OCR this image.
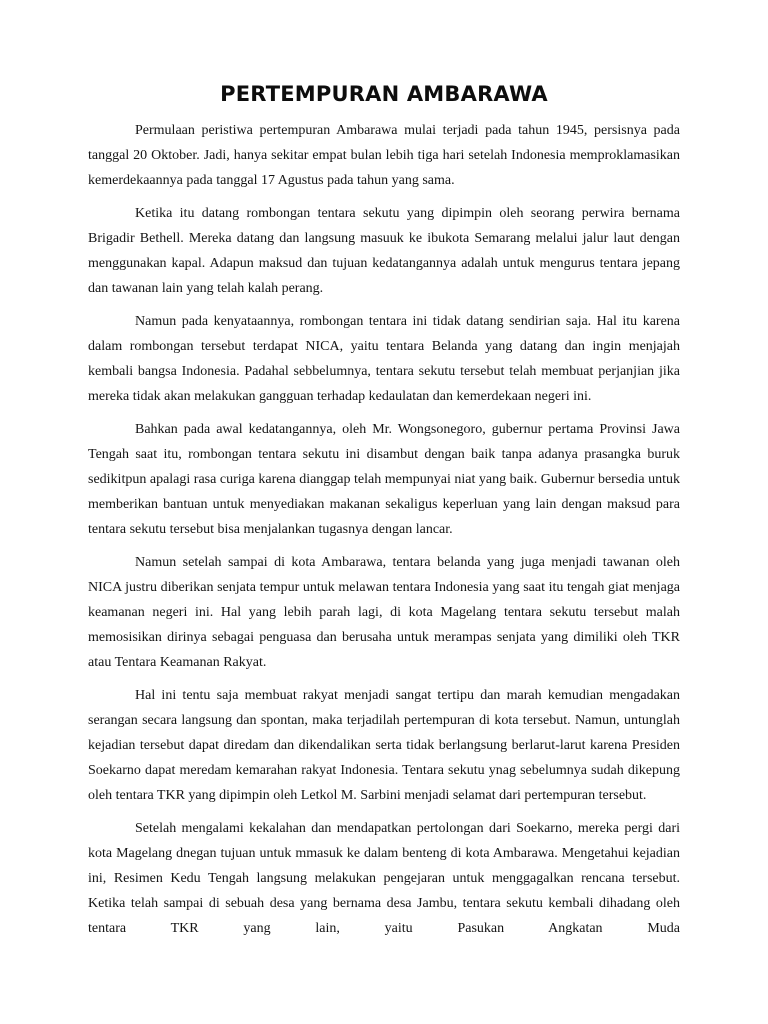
PERTEMPURAN AMBARAWA

Permulaan peristiwa pertempuran Ambarawa mulai terjadi pada tahun 1945, persisnya pada tanggal 20 Oktober. Jadi, hanya sekitar empat bulan lebih tiga hari setelah Indonesia memproklamasikan kemerdekaannya pada tanggal 17 Agustus pada tahun yang sama.

Ketika itu datang rombongan tentara sekutu yang dipimpin oleh seorang perwira bernama Brigadir Bethell. Mereka datang dan langsung masuuk ke ibukota Semarang melalui jalur laut dengan menggunakan kapal. Adapun maksud dan tujuan kedatangannya adalah untuk mengurus tentara jepang dan tawanan lain yang telah kalah perang.

Namun pada kenyataannya, rombongan tentara ini tidak datang sendirian saja. Hal itu karena dalam rombongan tersebut terdapat NICA, yaitu tentara Belanda yang datang dan ingin menjajah kembali bangsa Indonesia. Padahal sebbelumnya, tentara sekutu tersebut telah membuat perjanjian jika mereka tidak akan melakukan gangguan terhadap kedaulatan dan kemerdekaan negeri ini.

Bahkan pada awal kedatangannya, oleh Mr. Wongsonegoro, gubernur pertama Provinsi Jawa Tengah saat itu, rombongan tentara sekutu ini disambut dengan baik tanpa adanya prasangka buruk sedikitpun apalagi rasa curiga karena dianggap telah mempunyai niat yang baik. Gubernur bersedia untuk memberikan bantuan untuk menyediakan makanan sekaligus keperluan yang lain dengan maksud para tentara sekutu tersebut bisa menjalankan tugasnya dengan lancar.

Namun setelah sampai di kota Ambarawa, tentara belanda yang juga menjadi tawanan oleh NICA justru diberikan senjata tempur untuk melawan tentara Indonesia yang saat itu tengah giat menjaga keamanan negeri ini. Hal yang lebih parah lagi, di kota Magelang tentara sekutu tersebut malah memosisikan dirinya sebagai penguasa dan berusaha untuk merampas senjata yang dimiliki oleh TKR atau Tentara Keamanan Rakyat.

Hal ini tentu saja membuat rakyat menjadi sangat tertipu dan marah kemudian mengadakan serangan secara langsung dan spontan, maka terjadilah pertempuran di kota tersebut. Namun, untunglah kejadian tersebut dapat diredam dan dikendalikan serta tidak berlangsung berlarut-larut karena Presiden Soekarno dapat meredam kemarahan rakyat Indonesia. Tentara sekutu ynag sebelumnya sudah dikepung oleh tentara TKR yang dipimpin oleh Letkol M. Sarbini menjadi selamat dari pertempuran tersebut.

Setelah mengalami kekalahan dan mendapatkan pertolongan dari Soekarno, mereka pergi dari kota Magelang dnegan tujuan untuk mmasuk ke dalam benteng di kota Ambarawa. Mengetahui kejadian ini, Resimen Kedu Tengah langsung melakukan pengejaran untuk menggagalkan rencana tersebut. Ketika telah sampai di sebuah desa yang bernama desa Jambu, tentara sekutu kembali dihadang oleh tentara TKR yang lain, yaitu Pasukan Angkatan Muda
